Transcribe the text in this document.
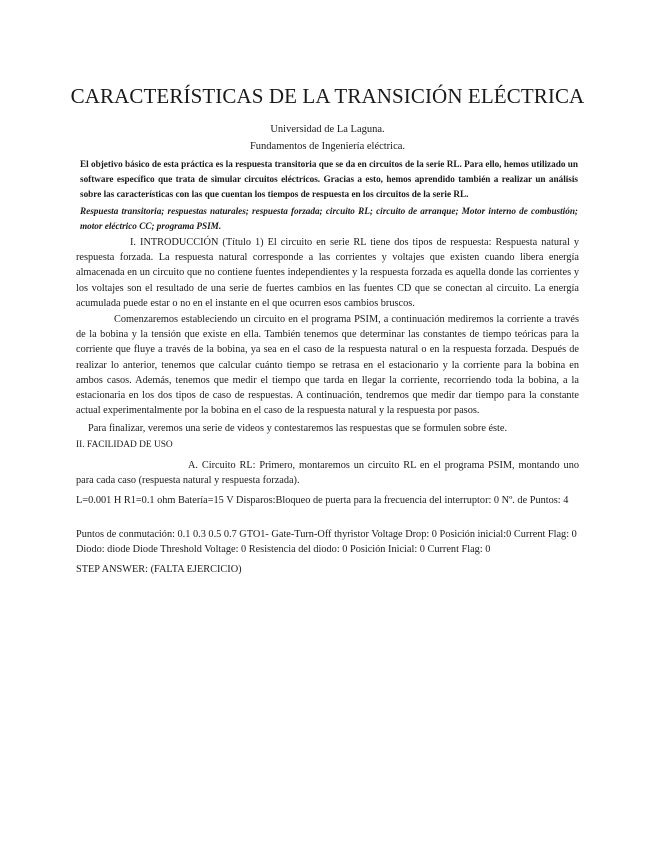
CARACTERÍSTICAS DE LA TRANSICIÓN ELÉCTRICA
Universidad de La Laguna.
Fundamentos de Ingeniería eléctrica.
El objetivo básico de esta práctica es la respuesta transitoria que se da en circuitos de la serie RL. Para ello, hemos utilizado un software específico que trata de simular circuitos eléctricos. Gracias a esto, hemos aprendido también a realizar un análisis sobre las características con las que cuentan los tiempos de respuesta en los circuitos de la serie RL.
Respuesta transitoria; respuestas naturales; respuesta forzada; circuito RL; circuito de arranque; Motor interno de combustión; motor eléctrico CC; programa PSIM.
I. INTRODUCCIÓN (Título 1) El circuito en serie RL tiene dos tipos de respuesta: Respuesta natural y respuesta forzada. La respuesta natural corresponde a las corrientes y voltajes que existen cuando libera energía almacenada en un circuito que no contiene fuentes independientes y la respuesta forzada es aquella donde las corrientes y los voltajes son el resultado de una serie de fuertes cambios en las fuentes CD que se conectan al circuito. La energía acumulada puede estar o no en el instante en el que ocurren esos cambios bruscos.
Comenzaremos estableciendo un circuito en el programa PSIM, a continuación mediremos la corriente a través de la bobina y la tensión que existe en ella. También tenemos que determinar las constantes de tiempo teóricas para la corriente que fluye a través de la bobina, ya sea en el caso de la respuesta natural o en la respuesta forzada. Después de realizar lo anterior, tenemos que calcular cuánto tiempo se retrasa en el estacionario y la corriente para la bobina en ambos casos. Además, tenemos que medir el tiempo que tarda en llegar la corriente, recorriendo toda la bobina, a la estacionaria en los dos tipos de caso de respuestas. A continuación, tendremos que medir dar tiempo para la constante actual experimentalmente por la bobina en el caso de la respuesta natural y la respuesta por pasos.
Para finalizar, veremos una serie de videos y contestaremos las respuestas que se formulen sobre éste.
II. FACILIDAD DE USO
A. Circuito RL: Primero, montaremos un circuito RL en el programa PSIM, montando uno para cada caso (respuesta natural y respuesta forzada).
L=0.001 H R1=0.1 ohm Batería=15 V Disparos:Bloqueo de puerta para la frecuencia del interruptor: 0 Nº. de Puntos: 4
Puntos de conmutación: 0.1 0.3 0.5 0.7 GTO1- Gate-Turn-Off thyristor Voltage Drop: 0 Posición inicial:0 Current Flag: 0 Diodo: diode Diode Threshold Voltage: 0 Resistencia del diodo: 0 Posición Inicial: 0 Current Flag: 0
STEP ANSWER: (FALTA EJERCICIO)
